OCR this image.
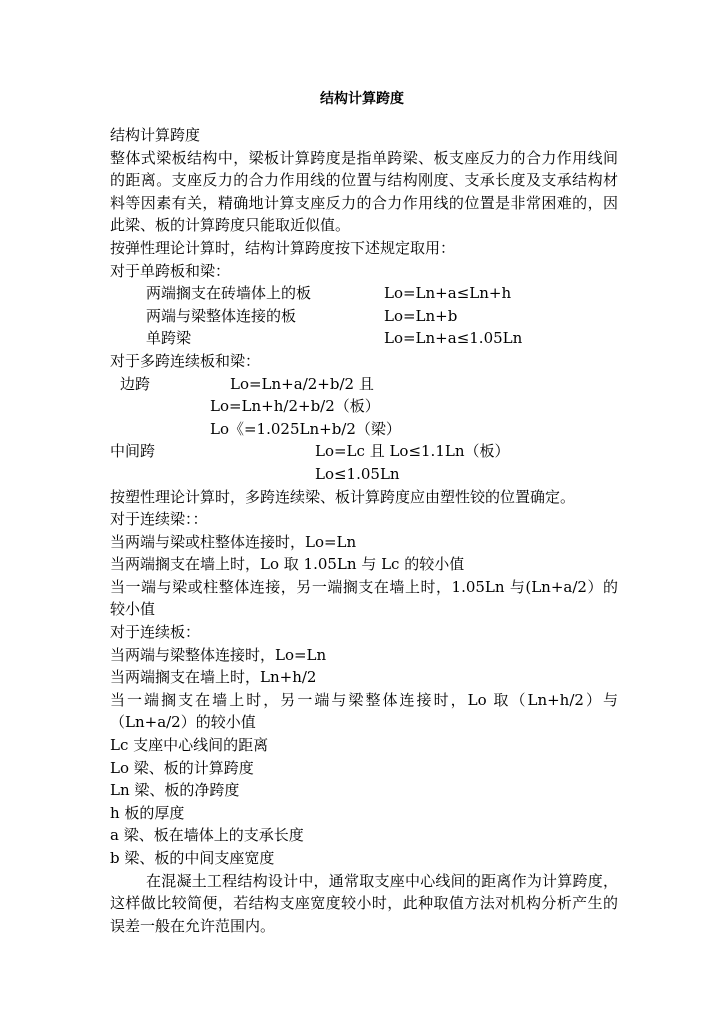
结构计算跨度
结构计算跨度
整体式梁板结构中，梁板计算跨度是指单跨梁、板支座反力的合力作用线间的距离。支座反力的合力作用线的位置与结构刚度、支承长度及支承结构材料等因素有关，精确地计算支座反力的合力作用线的位置是非常困难的，因此梁、板的计算跨度只能取近似值。
按弹性理论计算时，结构计算跨度按下述规定取用：
对于单跨板和梁：
两端搁支在砖墙体上的板	Lo=Ln+a≤Ln+h
两端与梁整体连接的板	Lo=Ln+b
单跨梁	Lo=Ln+a≤1.05Ln
对于多跨连续板和梁：
边跨	Lo=Ln+a/2+b/2 且
Lo=Ln+h/2+b/2（板）
Lo《=1.025Ln+b/2（梁）
中间跨	Lo=Lc 且 Lo≤1.1Ln（板）
Lo≤1.05Ln
按塑性理论计算时，多跨连续梁、板计算跨度应由塑性铰的位置确定。
对于连续梁：：
当两端与梁或柱整体连接时，Lo=Ln
当两端搁支在墙上时，Lo 取 1.05Ln 与 Lc 的较小值
当一端与梁或柱整体连接，另一端搁支在墙上时，1.05Ln 与(Ln+a/2）的较小值
对于连续板：
当两端与梁整体连接时，Lo=Ln
当两端搁支在墙上时，Ln+h/2
当一端搁支在墙上时，另一端与梁整体连接时，Lo 取（Ln+h/2）与（Ln+a/2）的较小值
Lc 支座中心线间的距离
Lo 梁、板的计算跨度
Ln 梁、板的净跨度
h 板的厚度
a 梁、板在墙体上的支承长度
b 梁、板的中间支座宽度
在混凝土工程结构设计中，通常取支座中心线间的距离作为计算跨度，这样做比较简便，若结构支座宽度较小时，此种取值方法对机构分析产生的误差一般在允许范围内。
